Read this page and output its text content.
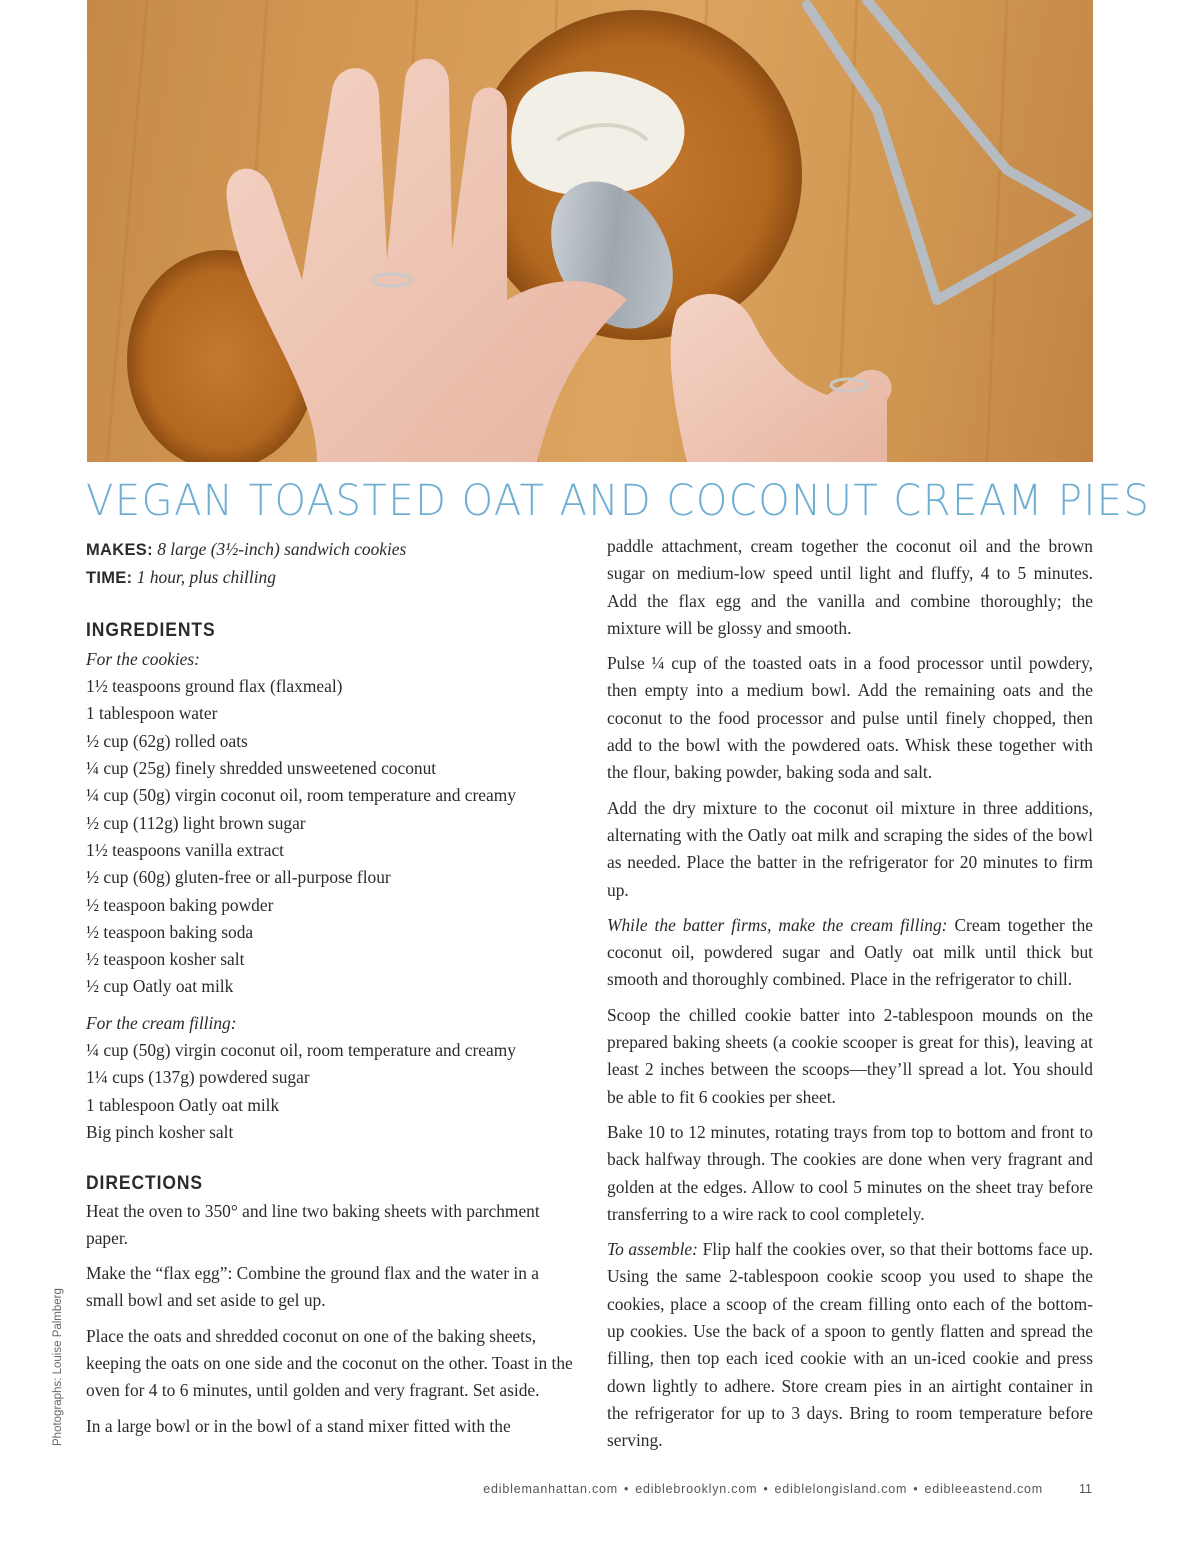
VEGAN TOASTED OAT AND COCONUT CREAM PIES
MAKES: 8 large (3½-inch) sandwich cookies
TIME: 1 hour, plus chilling
INGREDIENTS
For the cookies:
1½ teaspoons ground flax (flaxmeal)
1 tablespoon water
½ cup (62g) rolled oats
¼ cup (25g) finely shredded unsweetened coconut
¼ cup (50g) virgin coconut oil, room temperature and creamy
½ cup (112g) light brown sugar
1½ teaspoons vanilla extract
½ cup (60g) gluten-free or all-purpose flour
½ teaspoon baking powder
½ teaspoon baking soda
½ teaspoon kosher salt
½ cup Oatly oat milk
For the cream filling:
¼ cup (50g) virgin coconut oil, room temperature and creamy
1¼ cups (137g) powdered sugar
1 tablespoon Oatly oat milk
Big pinch kosher salt
DIRECTIONS

Heat the oven to 350° and line two baking sheets with parchment paper.

Make the “flax egg”: Combine the ground flax and the water in a small bowl and set aside to gel up.

Place the oats and shredded coconut on one of the baking sheets, keeping the oats on one side and the coconut on the other. Toast in the oven for 4 to 6 minutes, until golden and very fragrant. Set aside.

In a large bowl or in the bowl of a stand mixer fitted with the

paddle attachment, cream together the coconut oil and the brown sugar on medium-low speed until light and fluffy, 4 to 5 minutes. Add the flax egg and the vanilla and combine thoroughly; the mixture will be glossy and smooth.

Pulse ¼ cup of the toasted oats in a food processor until powdery, then empty into a medium bowl. Add the remaining oats and the coconut to the food processor and pulse until finely chopped, then add to the bowl with the powdered oats. Whisk these together with the flour, baking powder, baking soda and salt.

Add the dry mixture to the coconut oil mixture in three additions, alternating with the Oatly oat milk and scraping the sides of the bowl as needed. Place the batter in the refrigerator for 20 minutes to firm up.

While the batter firms, make the cream filling: Cream together the coconut oil, powdered sugar and Oatly oat milk until thick but smooth and thoroughly combined. Place in the refrigerator to chill.

Scoop the chilled cookie batter into 2-tablespoon mounds on the prepared baking sheets (a cookie scooper is great for this), leaving at least 2 inches between the scoops—they’ll spread a lot. You should be able to fit 6 cookies per sheet.

Bake 10 to 12 minutes, rotating trays from top to bottom and front to back halfway through. The cookies are done when very fragrant and golden at the edges. Allow to cool 5 minutes on the sheet tray before transferring to a wire rack to cool completely.

To assemble: Flip half the cookies over, so that their bottoms face up. Using the same 2-tablespoon cookie scoop you used to shape the cookies, place a scoop of the cream filling onto each of the bottom-up cookies. Use the back of a spoon to gently flatten and spread the filling, then top each iced cookie with an un-iced cookie and press down lightly to adhere. Store cream pies in an airtight container in the refrigerator for up to 3 days. Bring to room temperature before serving.

Photographs: Louise Palmberg
ediblemanhattan.com • ediblebrooklyn.com • ediblelongisland.com • edibleeastend.com	11
